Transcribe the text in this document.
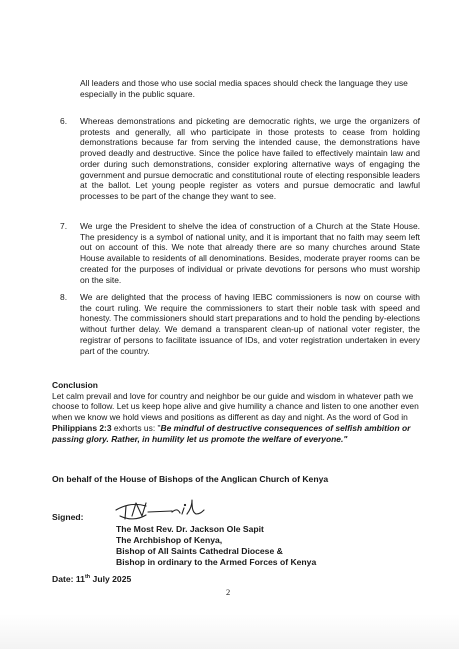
All leaders and those who use social media spaces should check the language they use especially in the public square.
6.	Whereas demonstrations and picketing are democratic rights, we urge the organizers of protests and generally, all who participate in those protests to cease from holding demonstrations because far from serving the intended cause, the demonstrations have proved deadly and destructive. Since the police have failed to effectively maintain law and order during such demonstrations, consider exploring alternative ways of engaging the government and pursue democratic and constitutional route of electing responsible leaders at the ballot. Let young people register as voters and pursue democratic and lawful processes to be part of the change they want to see.
7.	We urge the President to shelve the idea of construction of a Church at the State House. The presidency is a symbol of national unity, and it is important that no faith may seem left out on account of this. We note that already there are so many churches around State House available to residents of all denominations. Besides, moderate prayer rooms can be created for the purposes of individual or private devotions for persons who must worship on the site.
8.	We are delighted that the process of having IEBC commissioners is now on course with the court ruling. We require the commissioners to start their noble task with speed and honesty. The commissioners should start preparations and to hold the pending by-elections without further delay. We demand a transparent clean-up of national voter register, the registrar of persons to facilitate issuance of IDs, and voter registration undertaken in every part of the country.
Conclusion
Let calm prevail and love for country and neighbor be our guide and wisdom in whatever path we choose to follow. Let us keep hope alive and give humility a chance and listen to one another even when we know we hold views and positions as different as day and night. As the word of God in Philippians 2:3 exhorts us: "Be mindful of destructive consequences of selfish ambition or passing glory. Rather, in humility let us promote the welfare of everyone."
On behalf of the House of Bishops of the Anglican Church of Kenya
Signed:
The Most Rev. Dr. Jackson Ole Sapit
The Archbishop of Kenya,
Bishop of All Saints Cathedral Diocese &
Bishop in ordinary to the Armed Forces of Kenya
Date: 11th July 2025
2
